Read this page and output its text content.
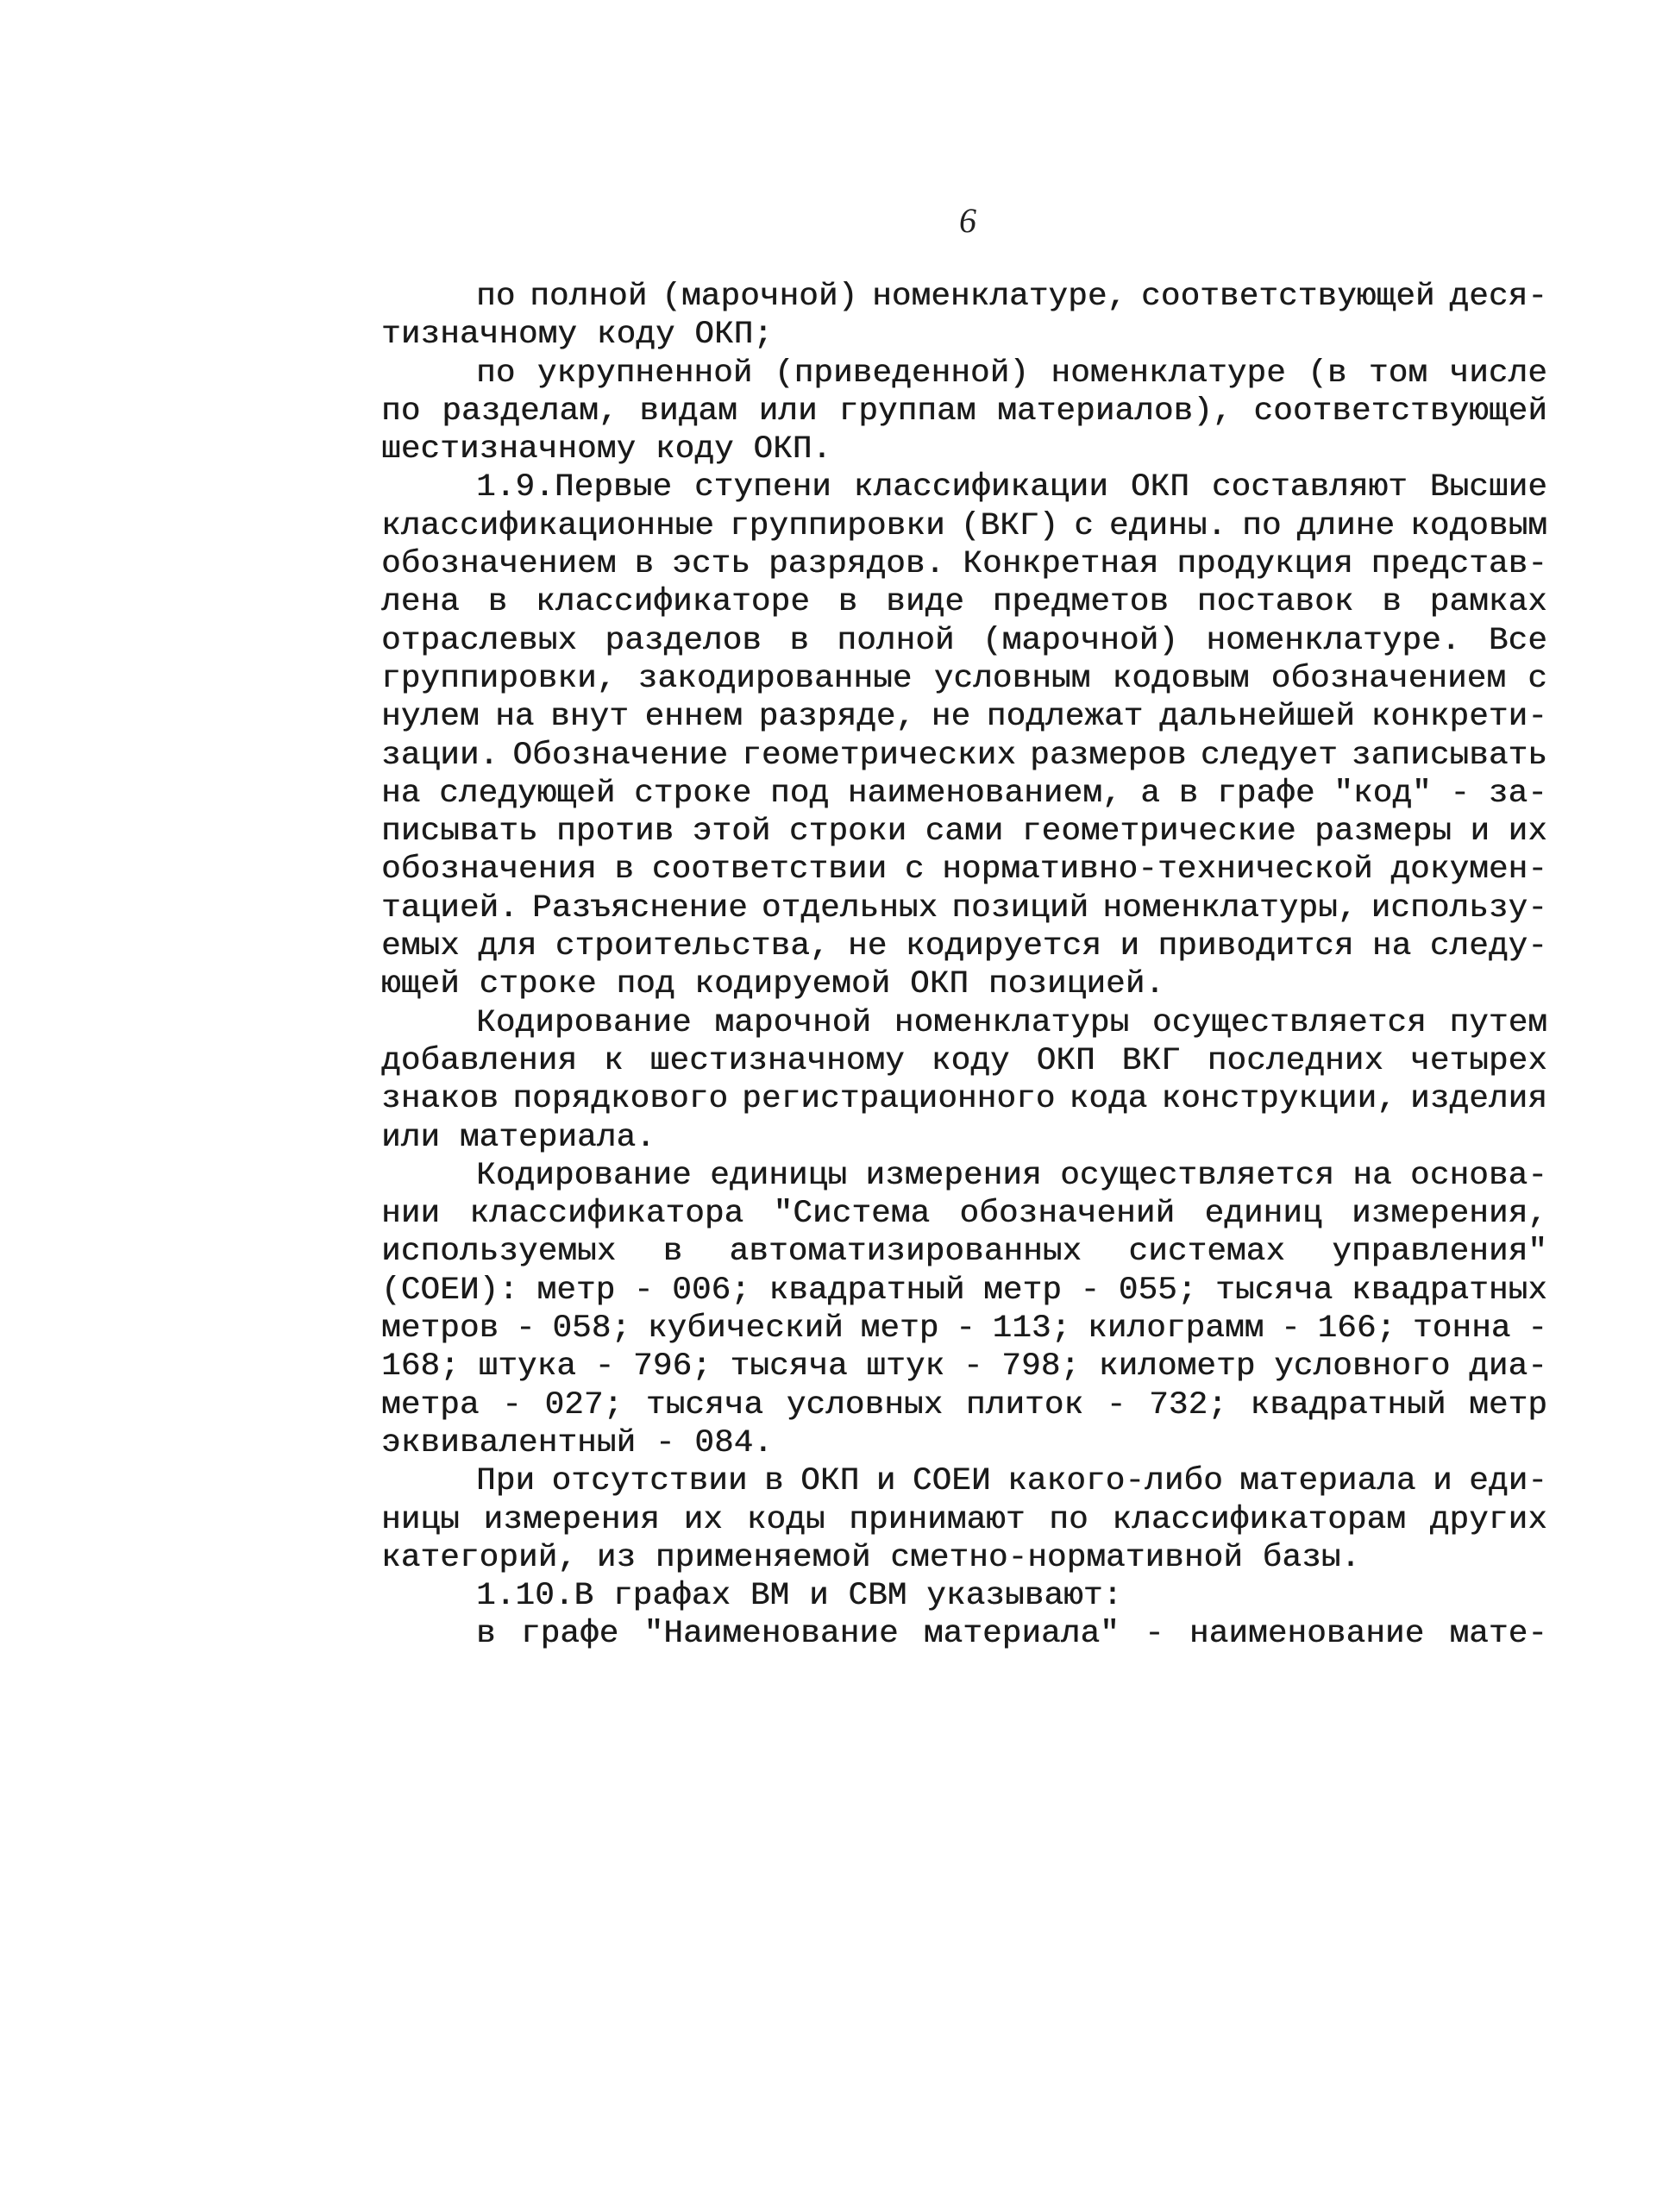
6
по полной (марочной) номенклатуре, соответствующей деся-
тизначному коду ОКП;
по укрупненной (приведенной) номенклатуре (в том числе
по разделам, видам или группам материалов), соответствующей
шестизначному коду ОКП.
1.9.Первые ступени классификации ОКП составляют Высшие
классификационные группировки (ВКГ) с едины. по длине кодовым
обозначением в эсть разрядов. Конкретная продукция представ-
лена в классификаторе в виде предметов поставок в рамках
отраслевых разделов в полной (марочной) номенклатуре. Все
группировки, закодированные условным кодовым обозначением с
нулем на внут еннем разряде, не подлежат дальнейшей конкрети-
зации. Обозначение геометрических размеров следует записывать
на следующей строке под наименованием, а в графе "код" - за-
писывать против этой строки сами геометрические размеры и их
обозначения в соответствии с нормативно-технической докумен-
тацией. Разъяснение отдельных позиций номенклатуры, использу-
емых для строительства, не кодируется и приводится на следу-
ющей строке под кодируемой ОКП позицией.
Кодирование марочной номенклатуры осуществляется путем
добавления к шестизначному коду ОКП ВКГ последних четырех
знаков порядкового регистрационного кода конструкции, изделия
или материала.
Кодирование единицы измерения осуществляется на основа-
нии классификатора "Система обозначений единиц измерения,
используемых в автоматизированных системах управления"
(СОЕИ): метр - 006; квадратный метр - 055; тысяча квадратных
метров - 058; кубический метр - 113; килограмм - 166; тонна -
168; штука - 796; тысяча штук - 798; километр условного диа-
метра - 027; тысяча условных плиток - 732; квадратный метр
эквивалентный - 084.
При отсутствии в ОКП и СОЕИ какого-либо материала и еди-
ницы измерения их коды принимают по классификаторам других
категорий, из применяемой сметно-нормативной базы.
1.10.В графах ВМ и СВМ указывают:
в графе "Наименование материала" - наименование мате-
